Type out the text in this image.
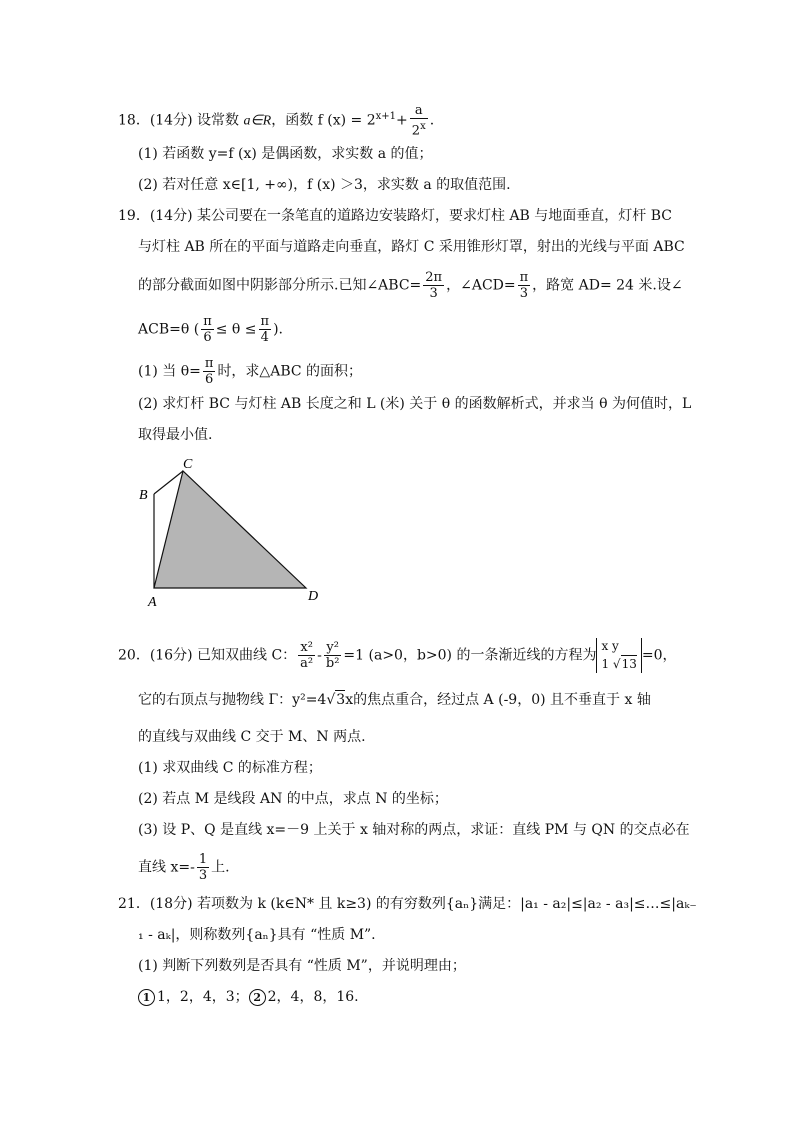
18．(14分) 设常数 a∈R，函数 f $(x) = 2^{x+1}+ \frac{a}{2^x}$ .
(1) 若函数 y=f (x) 是偶函数，求实数 a 的值；
(2) 若对任意 x∈[1, +∞)，f (x) ＞3，求实数 a 的取值范围.
19．(14分) 某公司要在一条笔直的道路边安装路灯，要求灯柱 AB 与地面垂直，灯杆 BC
与灯柱 AB 所在的平面与道路走向垂直，路灯 C 采用锥形灯罩，射出的光线与平面 ABC
的部分截面如图中阴影部分所示.已知∠ABC= $\frac{2\pi}{3}$ ，∠ACD= $\frac{\pi}{3}$ ，路宽 AD= 24 米.设∠
ACB=θ ( $\frac{\pi}{6} \le \theta \le \frac{\pi}{4}$ ).
(1) 当 $\theta= \frac{\pi}{6}$ 时，求△ABC 的面积；
(2) 求灯杆 BC 与灯柱 AB 长度之和 L (米) 关于 θ 的函数解析式，并求当 θ 为何值时，L
取得最小值.
A
B
C
D
20．(16分) 已知双曲线 C： $\frac{\text{x²}}{\text{a²}} - \frac{\text{y²}}{\text{b²}} =1$ (a>0，b>0) 的一条渐近线的方程为x y
1 √13=0，
它的右顶点与抛物线 Γ：y²=4√3x的焦点重合，经过点 A (-9，0) 且不垂直于 x 轴
的直线与双曲线 C 交于 M、N 两点.
(1) 求双曲线 C 的标准方程；
(2) 若点 M 是线段 AN 的中点，求点 N 的坐标；
(3) 设 P、Q 是直线 x=－9 上关于 x 轴对称的两点，求证：直线 PM 与 QN 的交点必在
直线 $x=- \frac{1}{3}$ 上.
21．(18分) 若项数为 k (k∈N* 且 k≥3) 的有穷数列{aₙ}满足：|a₁ - a₂|≤|a₂ - a₃|≤…≤|aₖ₋
₁ - aₖ|，则称数列{aₙ}具有 “性质 M”.
(1) 判断下列数列是否具有 “性质 M”，并说明理由；
1 1，2，4，3； 2 2，4，8，16.
